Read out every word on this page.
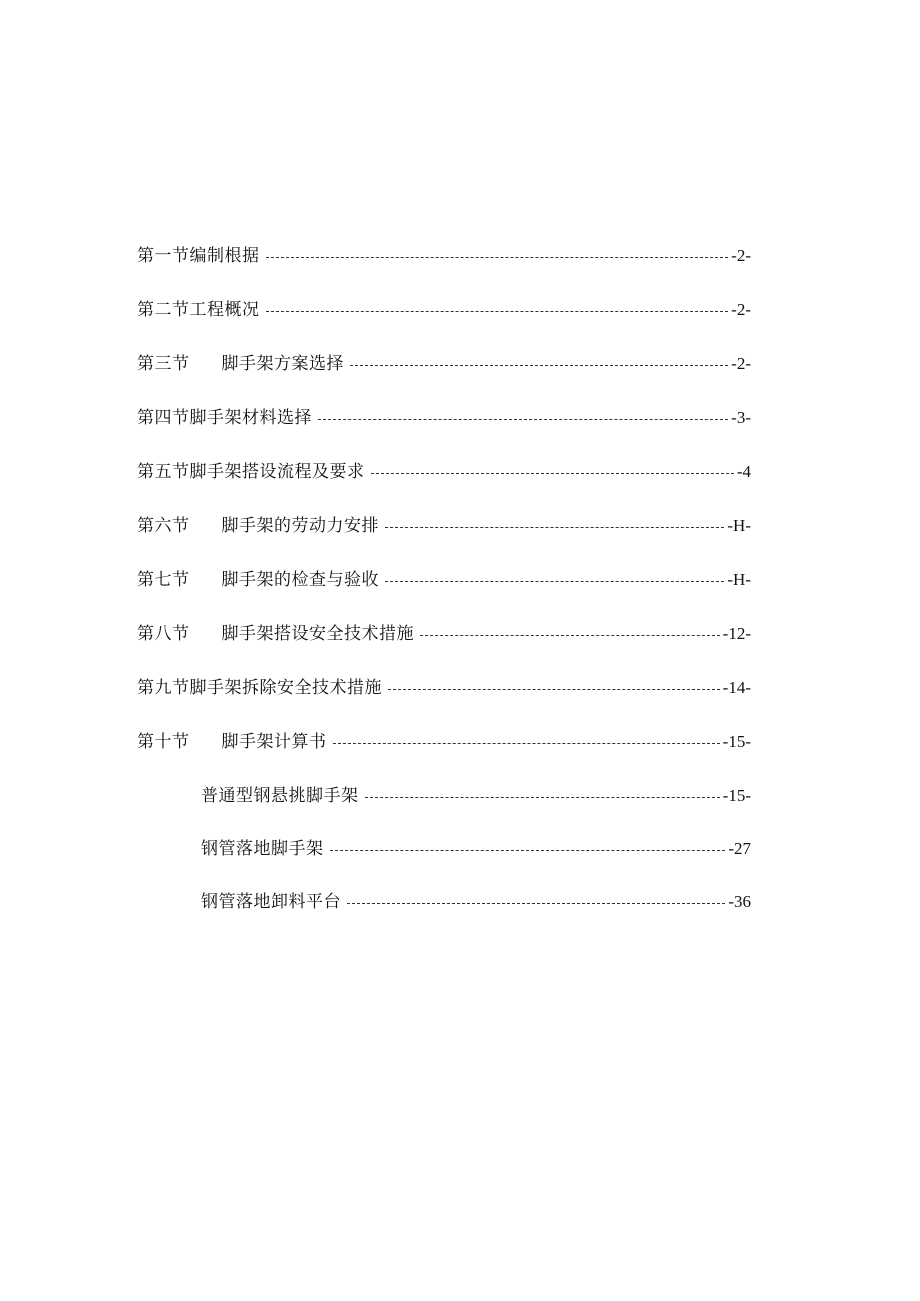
第一节编制根据	-2-
第二节工程概况	-2-
第三节 脚手架方案选择	-2-
第四节脚手架材料选择	-3-
第五节脚手架搭设流程及要求	-4
第六节 脚手架的劳动力安排	-H-
第七节 脚手架的检查与验收	-H-
第八节 脚手架搭设安全技术措施	-12-
第九节脚手架拆除安全技术措施	-14-
第十节 脚手架计算书	-15-
普通型钢悬挑脚手架	-15-
钢管落地脚手架	-27
钢管落地卸料平台	-36
